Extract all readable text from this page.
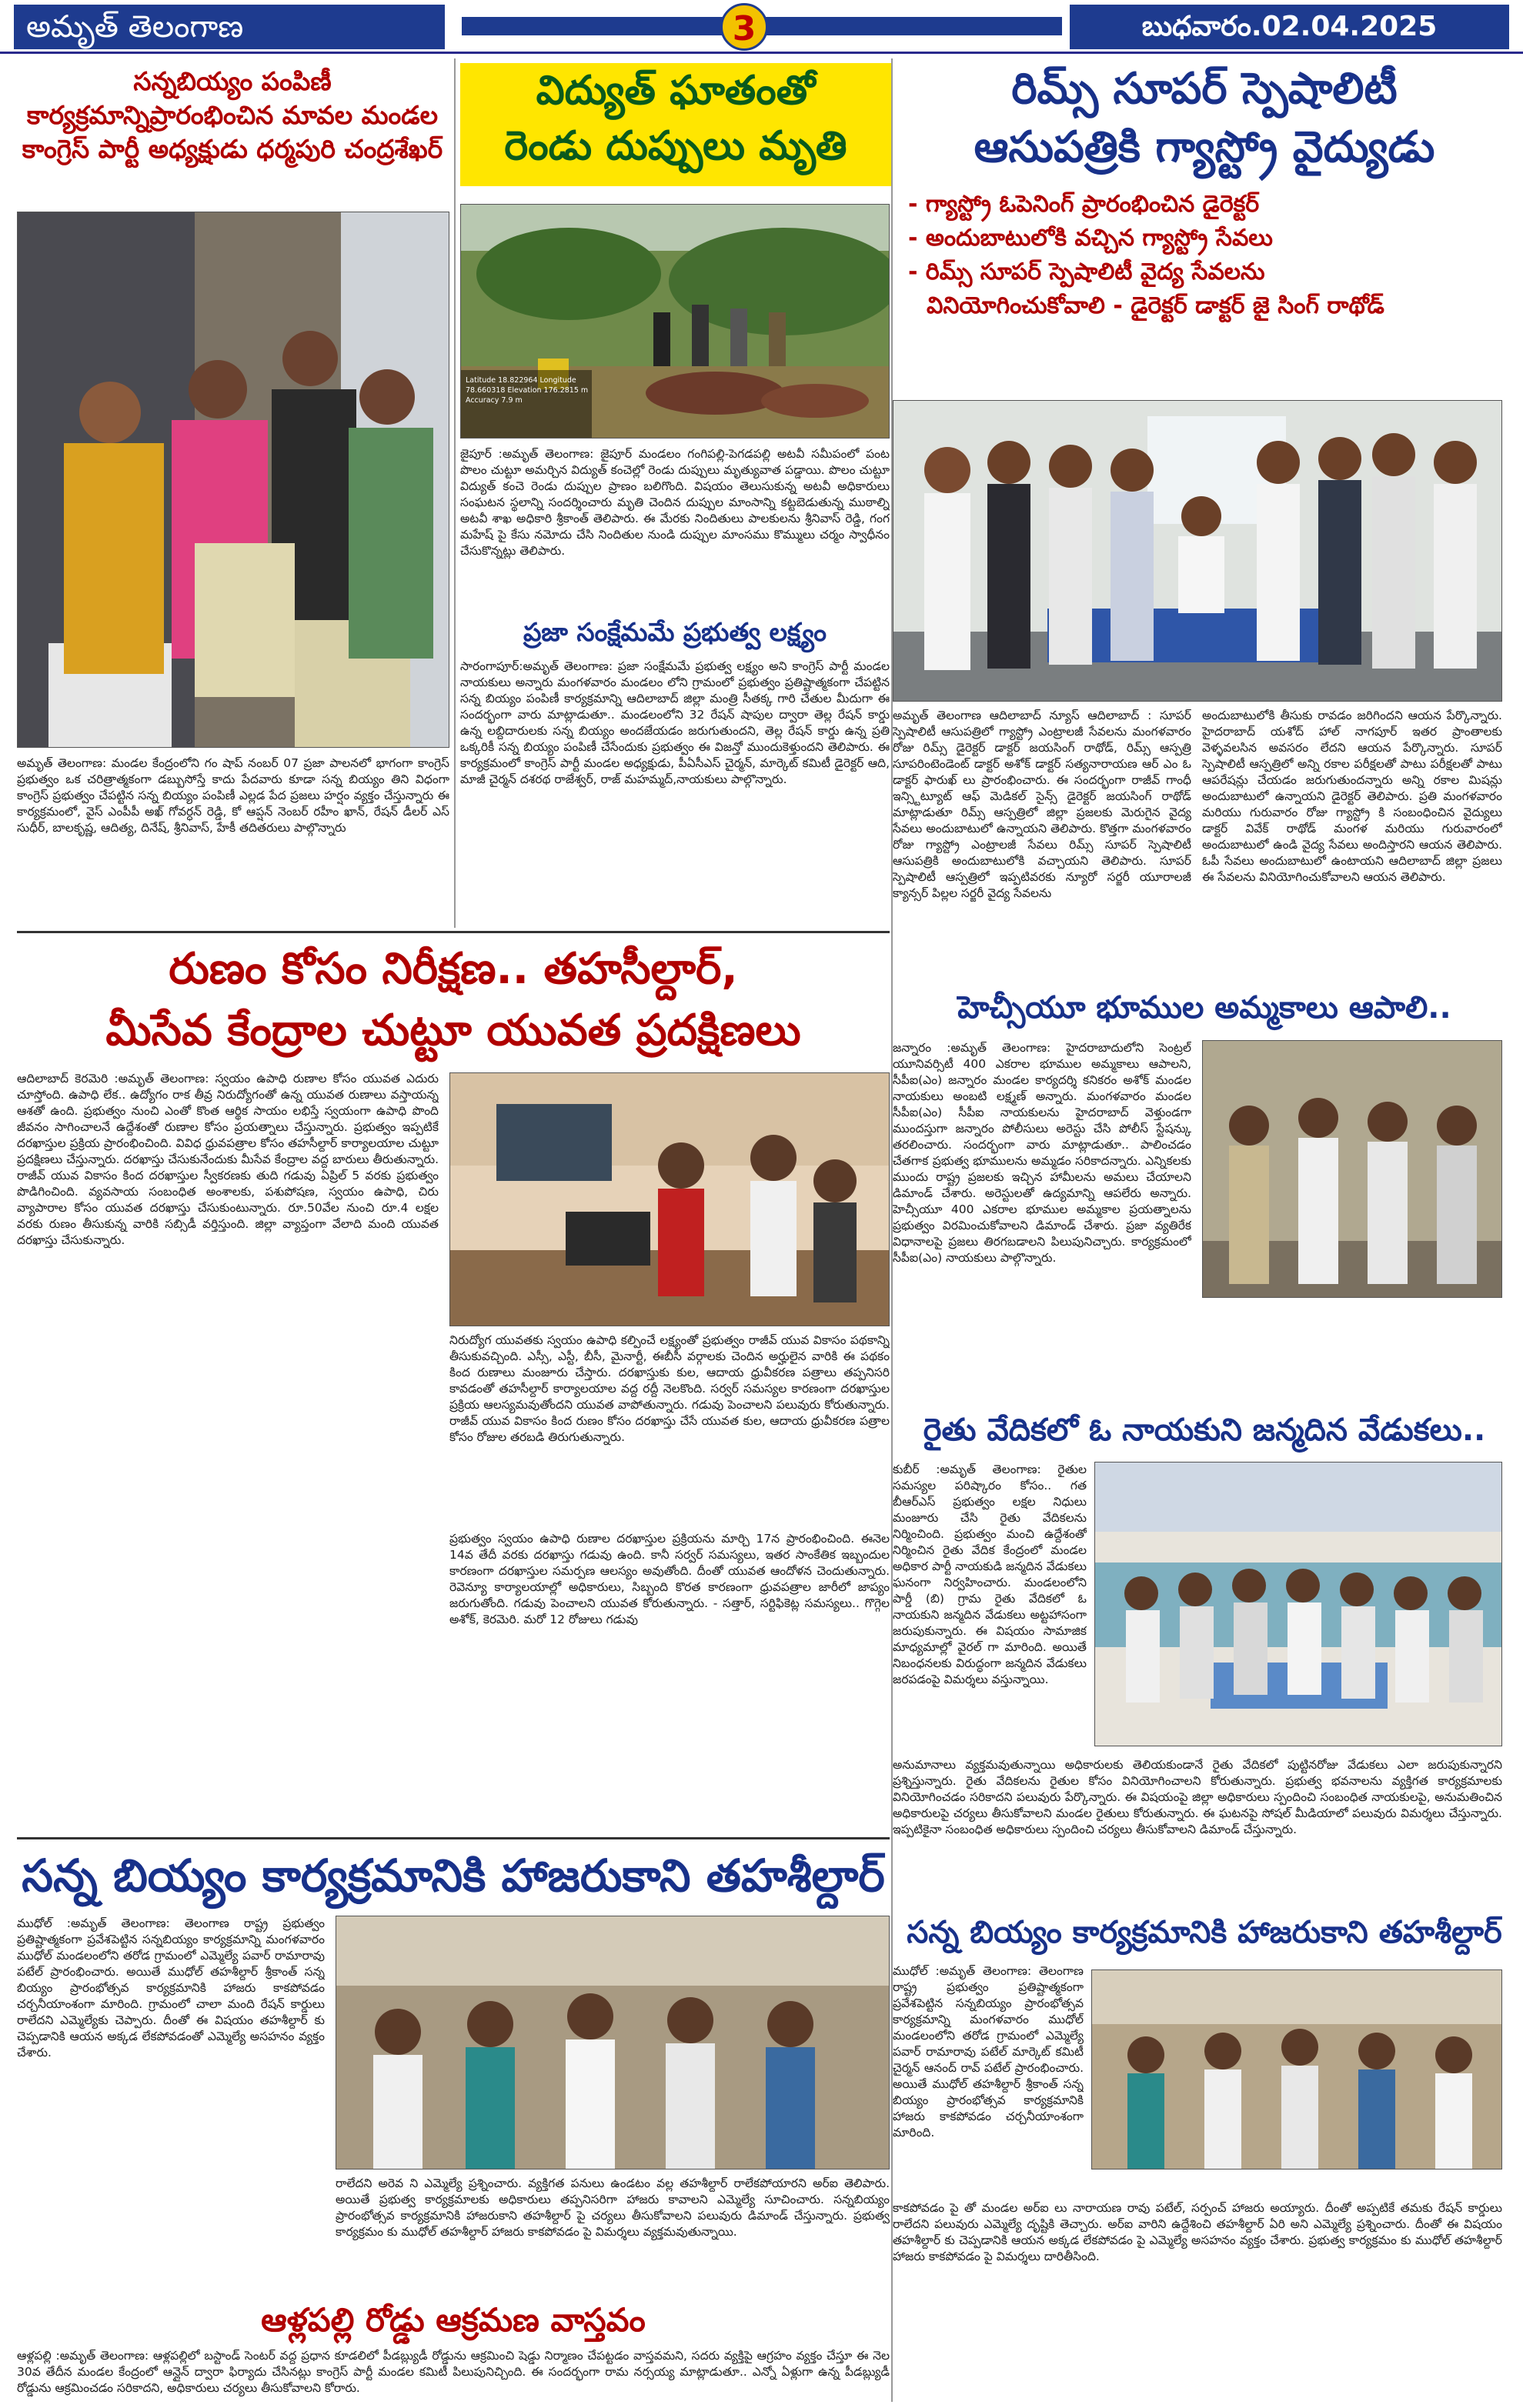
అమృత్ తెలంగాణ	3	బుధవారం.02.04.2025
సన్నబియ్యం పంపిణీ కార్యక్రమాన్నిప్రారంభించిన మావల మండల కాంగ్రెస్ పార్టీ అధ్యక్షుడు ధర్మపురి చంద్రశేఖర్
అమృత్ తెలంగాణ: మండల కేంద్రంలోని గం షాప్ నంబర్ 07 ప్రజా పాలనలో భాగంగా కాంగ్రెస్ ప్రభుత్వం ఒక చరిత్రాత్మకంగా డబ్బుసోస్తే కాదు పేదవారు కూడా సన్న బియ్యం తిని విధంగా కాంగ్రెస్ ప్రభుత్వం చేపట్టిన సన్న బియ్యం పంపిణీ ఎల్లడ పేద ప్రజలు హర్షం వ్యక్తం చేస్తున్నారు ఈ కార్యక్రమంలో, వైస్ ఎంపీపీ అఖ్ గోవర్ధన్ రెడ్డి, కో ఆప్షన్ నెంబర్ రహీం ఖాన్, రేషన్ డీలర్ ఎస్ సుధీర్, బాలకృష్ణ, ఆదిత్య, దినేష్, శ్రీనివాస్, హేకీ తదితరులు పాల్గొన్నారు
విద్యుత్ ఘాతంతో
రెండు దుప్పులు మృతి
Latitude 18.822964 Longitude 78.660318 Elevation 176.2815 m Accuracy 7.9 m
జైపూర్ :అమృత్ తెలంగాణ: జైపూర్ మండలం గంగిపల్లి-పెగడపల్లి అటవీ సమీపంలో పంట పొలం చుట్టూ అమర్చిన విద్యుత్ కంచెల్లో రెండు దుప్పులు మృత్యువాత పడ్డాయి. పొలం చుట్టూ విద్యుత్ కంచె రెండు దుప్పుల ప్రాణం బలిగొంది. విషయం తెలుసుకున్న అటవీ అధికారులు సంఘటన స్థలాన్ని సందర్శించారు మృతి చెందిన దుప్పుల మాంసాన్ని కట్టబెడుతున్న ముఠాల్ని అటవీ శాఖ అధికారి శ్రీకాంత్ తెలిపారు. ఈ మేరకు నిందితులు పాలకులను శ్రీనివాస్ రెడ్డి, గంగ మహేష్ పై కేసు నమోదు చేసి నిందితుల నుండి దుప్పుల మాంసము కొమ్ములు చర్మం స్వాధీనం చేసుకొన్నట్లు తెలిపారు.
ప్రజా సంక్షేమమే ప్రభుత్వ లక్ష్యం
సారంగాపూర్:అమృత్ తెలంగాణ: ప్రజా సంక్షేమమే ప్రభుత్వ లక్ష్యం అని కాంగ్రెస్ పార్టీ మండల నాయకులు అన్నారు మంగళవారం మండలం లోని గ్రామంలో ప్రభుత్వం ప్రతిష్టాత్మకంగా చేపట్టిన సన్న బియ్యం పంపిణీ కార్యక్రమాన్ని ఆదిలాబాద్ జిల్లా మంత్రి సీతక్క గారి చేతుల మీదుగా ఈ సందర్భంగా వారు మాట్లాడుతూ.. మండలంలోని 32 రేషన్ షాపుల ద్వారా తెల్ల రేషన్ కార్డు ఉన్న లబ్దిదారులకు సన్న బియ్యం అందజేయడం జరుగుతుందని, తెల్ల రేషన్ కార్డు ఉన్న ప్రతి ఒక్కరికీ సన్న బియ్యం పంపిణీ చేసేందుకు ప్రభుత్వం ఈ విజన్తో ముందుకెళ్తుందని తెలిపారు. ఈ కార్యక్రమంలో కాంగ్రెస్ పార్టీ మండల అధ్యక్షుడు, పీఏసీఎస్ చైర్మన్, మార్కెట్ కమిటీ డైరెక్టర్ ఆది, మాజీ చైర్మన్ దశరథ రాజేశ్వర్, రాజ్ మహమ్మద్,నాయకులు పాల్గొన్నారు.
రిమ్స్ సూపర్ స్పెషాలిటీ
ఆసుపత్రికి గ్యాస్ట్రో వైద్యుడు
- గ్యాస్ట్రో ఓపెనింగ్ ప్రారంభించిన డైరెక్టర్
- అందుబాటులోకి వచ్చిన గ్యాస్ట్రో సేవలు
- రిమ్స్ సూపర్ స్పెషాలిటీ వైద్య సేవలను
వినియోగించుకోవాలి - డైరెక్టర్ డాక్టర్ జై సింగ్ రాథోడ్
అమృత్ తెలంగాణ ఆదిలాబాద్ న్యూస్ ఆదిలాబాద్ : సూపర్ స్పెషాలిటీ ఆసుపత్రిలో గ్యాస్ట్రో ఎంట్రాలజీ సేవలను మంగళవారం రోజు రిమ్స్ డైరెక్టర్ డాక్టర్ జయసింగ్ రాథోడ్, రిమ్స్ ఆస్పత్రి సూపరింటెండెంట్ డాక్టర్ అశోక్ డాక్టర్ సత్యనారాయణ ఆర్ ఎం ఓ డాక్టర్ ఫారుఖ్ లు ప్రారంభించారు. ఈ సందర్భంగా రాజీవ్ గాంధీ ఇన్స్టిట్యూట్ ఆఫ్ మెడికల్ సైన్స్ డైరెక్టర్ జయసింగ్ రాథోడ్ మాట్లాడుతూ రిమ్స్ ఆస్పత్రిలో జిల్లా ప్రజలకు మెరుగైన వైద్య సేవలు అందుబాటులో ఉన్నాయని తెలిపారు. కొత్తగా మంగళవారం రోజు గ్యాస్ట్రో ఎంట్రాలజీ సేవలు రిమ్స్ సూపర్ స్పెషాలిటీ ఆసుపత్రికి అందుబాటులోకి వచ్చాయని తెలిపారు. సూపర్ స్పెషాలిటీ ఆస్పత్రిలో ఇప్పటివరకు న్యూరో సర్జరీ యూరాలజీ క్యాన్సర్ పిల్లల సర్జరీ వైద్య సేవలను
అందుబాటులోకి తీసుకు రావడం జరిగిందని ఆయన పేర్కొన్నారు. హైదరాబాద్ యశోద్ హాల్ నాగపూర్ ఇతర ప్రాంతాలకు వెళ్ళవలసిన అవసరం లేదని ఆయన పేర్కొన్నారు. సూపర్ స్పెషాలిటీ ఆస్పత్రిలో అన్ని రకాల పరీక్షలతో పాటు పరీక్షలతో పాటు ఆపరేషన్లు చేయడం జరుగుతుందన్నారు అన్ని రకాల మిషన్లు అందుబాటులో ఉన్నాయని డైరెక్టర్ తెలిపారు. ప్రతి మంగళవారం మరియు గురువారం రోజు గ్యాస్ట్రో కి సంబంధించిన వైద్యులు డాక్టర్ వివేక్ రాథోడ్ మంగళ మరియు గురువారంలో అందుబాటులో ఉండి వైద్య సేవలు అందిస్తారని ఆయన తెలిపారు. ఓపీ సేవలు అందుబాటులో ఉంటాయని ఆదిలాబాద్ జిల్లా ప్రజలు ఈ సేవలను వినియోగించుకోవాలని ఆయన తెలిపారు.
రుణం కోసం నిరీక్షణ.. తహసీల్దార్,
మీసేవ కేంద్రాల చుట్టూ యువత ప్రదక్షిణలు
ఆదిలాబాద్ కెరమెరి :అమృత్ తెలంగాణ: స్వయం ఉపాధి రుణాల కోసం యువత ఎదురు చూస్తోంది. ఉపాధి లేక.. ఉద్యోగం రాక తీవ్ర నిరుద్యోగంతో ఉన్న యువత రుణాలు వస్తాయన్న ఆశతో ఉంది. ప్రభుత్వం నుంచి ఎంతో కొంత ఆర్థిక సాయం లభిస్తే స్వయంగా ఉపాధి పొంది జీవనం సాగించాలనే ఉద్దేశంతో రుణాల కోసం ప్రయత్నాలు చేస్తున్నారు. ప్రభుత్వం ఇప్పటికే దరఖాస్తుల ప్రక్రియ ప్రారంభించింది. వివిధ ధ్రువపత్రాల కోసం తహసీల్దార్ కార్యాలయాల చుట్టూ ప్రదక్షిణలు చేస్తున్నారు. దరఖాస్తు చేసుకునేందుకు మీసేవ కేంద్రాల వద్ద బారులు తీరుతున్నారు. రాజీవ్ యువ వికాసం కింద దరఖాస్తుల స్వీకరణకు తుది గడువు ఏప్రిల్ 5 వరకు ప్రభుత్వం పొడిగించింది. వ్యవసాయ సంబంధిత అంశాలకు, పశుపోషణ, స్వయం ఉపాధి, చిరు వ్యాపారాల కోసం యువత దరఖాస్తు చేసుకుంటున్నారు. రూ.50వేల నుంచి రూ.4 లక్షల వరకు రుణం తీసుకున్న వారికి సబ్సిడీ వర్తిస్తుంది. జిల్లా వ్యాప్తంగా వేలాది మంది యువత దరఖాస్తు చేసుకున్నారు.
నిరుద్యోగ యువతకు స్వయం ఉపాధి కల్పించే లక్ష్యంతో ప్రభుత్వం రాజీవ్ యువ వికాసం పథకాన్ని తీసుకువచ్చింది. ఎస్సీ, ఎస్టీ, బీసీ, మైనార్టీ, ఈబీసీ వర్గాలకు చెందిన అర్హులైన వారికి ఈ పథకం కింద రుణాలు మంజూరు చేస్తారు. దరఖాస్తుకు కుల, ఆదాయ ధ్రువీకరణ పత్రాలు తప్పనిసరి కావడంతో తహసీల్దార్ కార్యాలయాల వద్ద రద్దీ నెలకొంది. సర్వర్ సమస్యల కారణంగా దరఖాస్తుల ప్రక్రియ ఆలస్యమవుతోందని యువత వాపోతున్నారు. గడువు పెంచాలని పలువురు కోరుతున్నారు. రాజీవ్ యువ వికాసం కింద రుణం కోసం దరఖాస్తు చేసే యువత కుల, ఆదాయ ధ్రువీకరణ పత్రాల కోసం రోజుల తరబడి తిరుగుతున్నారు.
ప్రభుత్వం స్వయం ఉపాధి రుణాల దరఖాస్తుల ప్రక్రియను మార్చి 17న ప్రారంభించింది. ఈనెల 14వ తేదీ వరకు దరఖాస్తు గడువు ఉంది. కానీ సర్వర్ సమస్యలు, ఇతర సాంకేతిక ఇబ్బందుల కారణంగా దరఖాస్తుల సమర్పణ ఆలస్యం అవుతోంది. దీంతో యువత ఆందోళన చెందుతున్నారు. రెవెన్యూ కార్యాలయాల్లో అధికారులు, సిబ్బంది కొరత కారణంగా ధ్రువపత్రాల జారీలో జాప్యం జరుగుతోంది. గడువు పెంచాలని యువత కోరుతున్నారు. - సత్తార్, సర్టిఫికెట్ల సమస్యలు.. గొగ్గెల అశోక్, కెరమెరి. మరో 12 రోజులు గడువు
హెచ్సీయూ భూముల అమ్మకాలు ఆపాలి..
జన్నారం :అమృత్ తెలంగాణ: హైదరాబాదులోని సెంట్రల్ యూనివర్సిటీ 400 ఎకరాల భూముల అమ్మకాలు ఆపాలని, సీపీఐ(ఎం) జన్నారం మండల కార్యదర్శి కనికరం అశోక్ మండల నాయకులు అంబటి లక్ష్మణ్ అన్నారు. మంగళవారం మండల సీపీఐ(ఎం) సీపీఐ నాయకులను హైదరాబాద్ వెళ్తుండగా ముందస్తుగా జన్నారం పోలీసులు అరెస్టు చేసి పోలీస్ స్టేషన్కు తరలించారు. సందర్భంగా వారు మాట్లాడుతూ.. పాలించడం చేతగాక ప్రభుత్వ భూములను అమ్మడం సరికాదన్నారు. ఎన్నికలకు ముందు రాష్ట్ర ప్రజలకు ఇచ్చిన హామీలను అమలు చేయాలని డిమాండ్ చేశారు. అరెస్టులతో ఉద్యమాన్ని ఆపలేరు అన్నారు. హెచ్సీయూ 400 ఎకరాల భూముల అమ్మకాల ప్రయత్నాలను ప్రభుత్వం విరమించుకోవాలని డిమాండ్ చేశారు. ప్రజా వ్యతిరేక విధానాలపై ప్రజలు తిరగబడాలని పిలుపునిచ్చారు. కార్యక్రమంలో సీపీఐ(ఎం) నాయకులు పాల్గొన్నారు.
రైతు వేదికలో ఓ నాయకుని జన్మదిన వేడుకలు..
కుబీర్ :అమృత్ తెలంగాణ: రైతుల సమస్యల పరిష్కారం కోసం.. గత బీఆర్ఎస్ ప్రభుత్వం లక్షల నిధులు మంజూరు చేసి రైతు వేదికలను నిర్మించింది. ప్రభుత్వం మంచి ఉద్దేశంతో నిర్మించిన రైతు వేదిక కేంద్రంలో మండల అధికార పార్టీ నాయకుడి జన్మదిన వేడుకలు ఘనంగా నిర్వహించారు. మండలంలోని పార్డీ (బి) గ్రామ రైతు వేదికలో ఓ నాయకుని జన్మదిన వేడుకలు అట్టహాసంగా జరుపుకున్నారు. ఈ విషయం సామాజిక మాధ్యమాల్లో వైరల్ గా మారింది. అయితే నిబంధనలకు విరుద్ధంగా జన్మదిన వేడుకలు జరపడంపై విమర్శలు వస్తున్నాయి.
అనుమానాలు వ్యక్తమవుతున్నాయి అధికారులకు తెలియకుండానే రైతు వేదికలో పుట్టినరోజు వేడుకలు ఎలా జరుపుకున్నారని ప్రశ్నిస్తున్నారు. రైతు వేదికలను రైతుల కోసం వినియోగించాలని కోరుతున్నారు. ప్రభుత్వ భవనాలను వ్యక్తిగత కార్యక్రమాలకు వినియోగించడం సరికాదని పలువురు పేర్కొన్నారు. ఈ విషయంపై జిల్లా అధికారులు స్పందించి సంబంధిత నాయకులపై, అనుమతించిన అధికారులపై చర్యలు తీసుకోవాలని మండల రైతులు కోరుతున్నారు. ఈ ఘటనపై సోషల్ మీడియాలో పలువురు విమర్శలు చేస్తున్నారు. ఇప్పటికైనా సంబంధిత అధికారులు స్పందించి చర్యలు తీసుకోవాలని డిమాండ్ చేస్తున్నారు.
సన్న బియ్యం కార్యక్రమానికి హాజరుకాని తహశీల్దార్
ముధోల్ :అమృత్ తెలంగాణ: తెలంగాణ రాష్ట్ర ప్రభుత్వం ప్రతిష్టాత్మకంగా ప్రవేశపెట్టిన సన్నబియ్యం కార్యక్రమాన్ని మంగళవారం ముధోల్ మండలంలోని తరోడ గ్రామంలో ఎమ్మెల్యే పవార్ రామారావు పటేల్ ప్రారంభించారు. అయితే ముధోల్ తహశీల్దార్ శ్రీకాంత్ సన్న బియ్యం ప్రారంభోత్సవ కార్యక్రమానికి హాజరు కాకపోవడం చర్చనీయాంశంగా మారింది. గ్రామంలో చాలా మంది రేషన్ కార్డులు రాలేదని ఎమ్మెల్యేకు చెప్పారు. దీంతో ఈ విషయం తహశీల్దార్ కు చెప్పడానికి ఆయన అక్కడ లేకపోవడంతో ఎమ్మెల్యే అసహనం వ్యక్తం చేశారు.
రాలేదని అరెవ ని ఎమ్మెల్యే ప్రశ్నించారు. వ్యక్తిగత పనులు ఉండటం వల్ల తహశీల్దార్ రాలేకపోయారని అర్ఐ తెలిపారు. అయితే ప్రభుత్వ కార్యక్రమాలకు అధికారులు తప్పనిసరిగా హాజరు కావాలని ఎమ్మెల్యే సూచించారు. సన్నబియ్యం ప్రారంభోత్సవ కార్యక్రమానికి హాజరుకాని తహశీల్దార్ పై చర్యలు తీసుకోవాలని పలువురు డిమాండ్ చేస్తున్నారు. ప్రభుత్వ కార్యక్రమం కు ముధోల్ తహశీల్దార్ హాజరు కాకపోవడం పై విమర్శలు వ్యక్తమవుతున్నాయి.
ఆళ్లపల్లి రోడ్డు ఆక్రమణ వాస్తవం
ఆళ్లపల్లి :అమృత్ తెలంగాణ: ఆళ్లపల్లిలో బస్టాండ్ సెంటర్ వద్ద ప్రధాన కూడలిలో పీడబ్ల్యుడీ రోడ్డును ఆక్రమించి షెడ్డు నిర్మాణం చేపట్టడం వాస్తవమని, సదరు వ్యక్తిపై ఆగ్రహం వ్యక్తం చేస్తూ ఈ నెల 30వ తేదీన మండల కేంద్రంలో ఆన్లైన్ ద్వారా ఫిర్యాదు చేసినట్లు కాంగ్రెస్ పార్టీ మండల కమిటీ పిలుపునిచ్చింది. ఈ సందర్భంగా రామ నర్సయ్య మాట్లాడుతూ.. ఎన్నో ఏళ్లుగా ఉన్న పీడబ్ల్యుడీ రోడ్డును ఆక్రమించడం సరికాదని, అధికారులు చర్యలు తీసుకోవాలని కోరారు.
సన్న బియ్యం కార్యక్రమానికి హాజరుకాని తహశీల్దార్
ముధోల్ :అమృత్ తెలంగాణ: తెలంగాణ రాష్ట్ర ప్రభుత్వం ప్రతిష్టాత్మకంగా ప్రవేశపెట్టిన సన్నబియ్యం ప్రారంభోత్సవ కార్యక్రమాన్ని మంగళవారం ముధోల్ మండలంలోని తరోడ గ్రామంలో ఎమ్మెల్యే పవార్ రామారావు పటేల్ మార్కెట్ కమిటీ చైర్మన్ ఆనంద్ రావ్ పటేల్ ప్రారంభించారు. అయితే ముధోల్ తహశీల్దార్ శ్రీకాంత్ సన్న బియ్యం ప్రారంభోత్సవ కార్యక్రమానికి హాజరు కాకపోవడం చర్చనీయాంశంగా మారింది.
కాకపోవడం పై తో మండల అర్ఐ లు నారాయణ రావు పటేల్, సర్పంచ్ హాజరు అయ్యారు. దీంతో అప్పటికే తమకు రేషన్ కార్డులు రాలేదని పలువురు ఎమ్మెల్యే దృష్టికి తెచ్చారు. అర్ఐ వారిని ఉద్దేశించి తహశీల్దార్ ఏరి అని ఎమ్మెల్యే ప్రశ్నించారు. దీంతో ఈ విషయం తహశీల్దార్ కు చెప్పడానికి ఆయన అక్కడ లేకపోవడం పై ఎమ్మెల్యే అసహనం వ్యక్తం చేశారు. ప్రభుత్వ కార్యక్రమం కు ముధోల్ తహశీల్దార్ హాజరు కాకపోవడం పై విమర్శలు దారితీసింది.
